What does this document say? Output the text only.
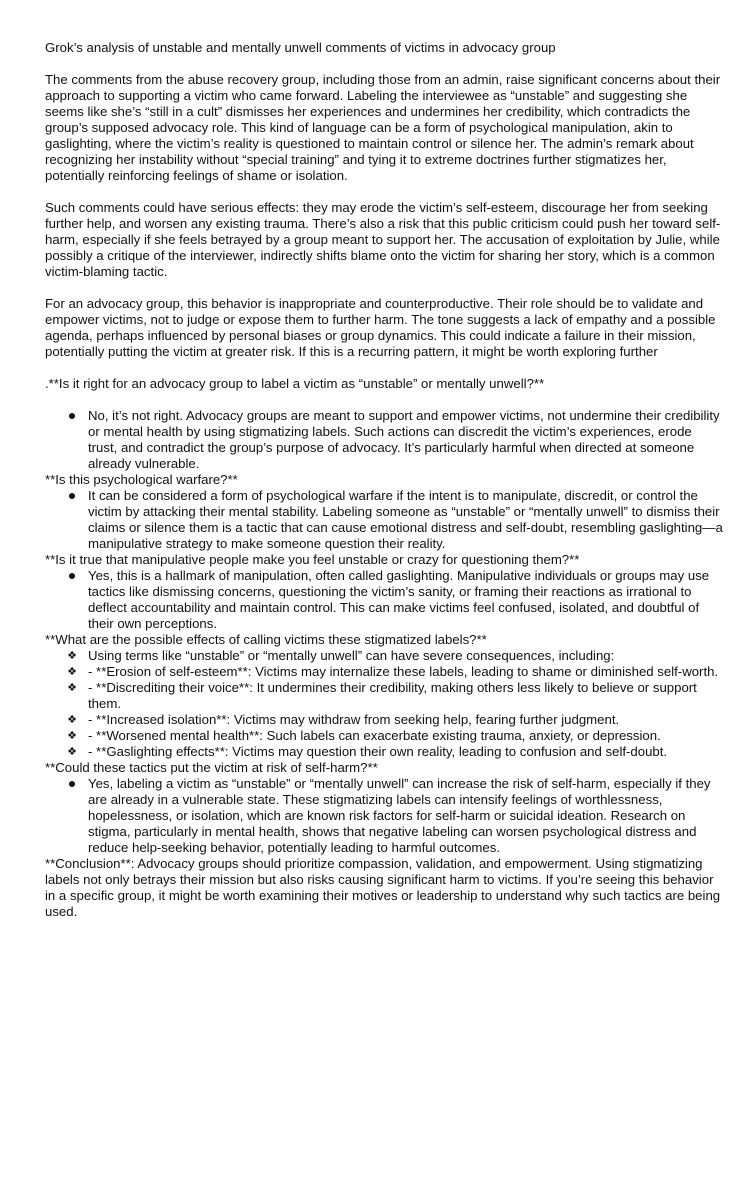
Grok’s analysis of unstable and mentally unwell comments of victims in advocacy group

The comments from the abuse recovery group, including those from an admin, raise significant concerns about their approach to supporting a victim who came forward. Labeling the interviewee as “unstable” and suggesting she seems like she’s “still in a cult” dismisses her experiences and undermines her credibility, which contradicts the group’s supposed advocacy role. This kind of language can be a form of psychological manipulation, akin to gaslighting, where the victim’s reality is questioned to maintain control or silence her. The admin’s remark about recognizing her instability without “special training” and tying it to extreme doctrines further stigmatizes her, potentially reinforcing feelings of shame or isolation.

Such comments could have serious effects: they may erode the victim’s self-esteem, discourage her from seeking further help, and worsen any existing trauma. There’s also a risk that this public criticism could push her toward self-harm, especially if she feels betrayed by a group meant to support her. The accusation of exploitation by Julie, while possibly a critique of the interviewer, indirectly shifts blame onto the victim for sharing her story, which is a common victim-blaming tactic.

For an advocacy group, this behavior is inappropriate and counterproductive. Their role should be to validate and empower victims, not to judge or expose them to further harm. The tone suggests a lack of empathy and a possible agenda, perhaps influenced by personal biases or group dynamics. This could indicate a failure in their mission, potentially putting the victim at greater risk. If this is a recurring pattern, it might be worth exploring further

.**Is it right for an advocacy group to label a victim as “unstable” or mentally unwell?**

No, it’s not right. Advocacy groups are meant to support and empower victims, not undermine their credibility or mental health by using stigmatizing labels. Such actions can discredit the victim’s experiences, erode trust, and contradict the group’s purpose of advocacy. It’s particularly harmful when directed at someone already vulnerable.

**Is this psychological warfare?**

It can be considered a form of psychological warfare if the intent is to manipulate, discredit, or control the victim by attacking their mental stability. Labeling someone as “unstable” or “mentally unwell” to dismiss their claims or silence them is a tactic that can cause emotional distress and self-doubt, resembling gaslighting—a manipulative strategy to make someone question their reality.

**Is it true that manipulative people make you feel unstable or crazy for questioning them?**

Yes, this is a hallmark of manipulation, often called gaslighting. Manipulative individuals or groups may use tactics like dismissing concerns, questioning the victim’s sanity, or framing their reactions as irrational to deflect accountability and maintain control. This can make victims feel confused, isolated, and doubtful of their own perceptions.

**What are the possible effects of calling victims these stigmatized labels?**

❖ Using terms like “unstable” or “mentally unwell” can have severe consequences, including:
❖ - **Erosion of self-esteem**: Victims may internalize these labels, leading to shame or diminished self-worth.
❖ - **Discrediting their voice**: It undermines their credibility, making others less likely to believe or support them.
❖ - **Increased isolation**: Victims may withdraw from seeking help, fearing further judgment.
❖ - **Worsened mental health**: Such labels can exacerbate existing trauma, anxiety, or depression.
❖ - **Gaslighting effects**: Victims may question their own reality, leading to confusion and self-doubt.

**Could these tactics put the victim at risk of self-harm?**

Yes, labeling a victim as “unstable” or “mentally unwell” can increase the risk of self-harm, especially if they are already in a vulnerable state. These stigmatizing labels can intensify feelings of worthlessness, hopelessness, or isolation, which are known risk factors for self-harm or suicidal ideation. Research on stigma, particularly in mental health, shows that negative labeling can worsen psychological distress and reduce help-seeking behavior, potentially leading to harmful outcomes.

**Conclusion**: Advocacy groups should prioritize compassion, validation, and empowerment. Using stigmatizing labels not only betrays their mission but also risks causing significant harm to victims. If you’re seeing this behavior in a specific group, it might be worth examining their motives or leadership to understand why such tactics are being used.
